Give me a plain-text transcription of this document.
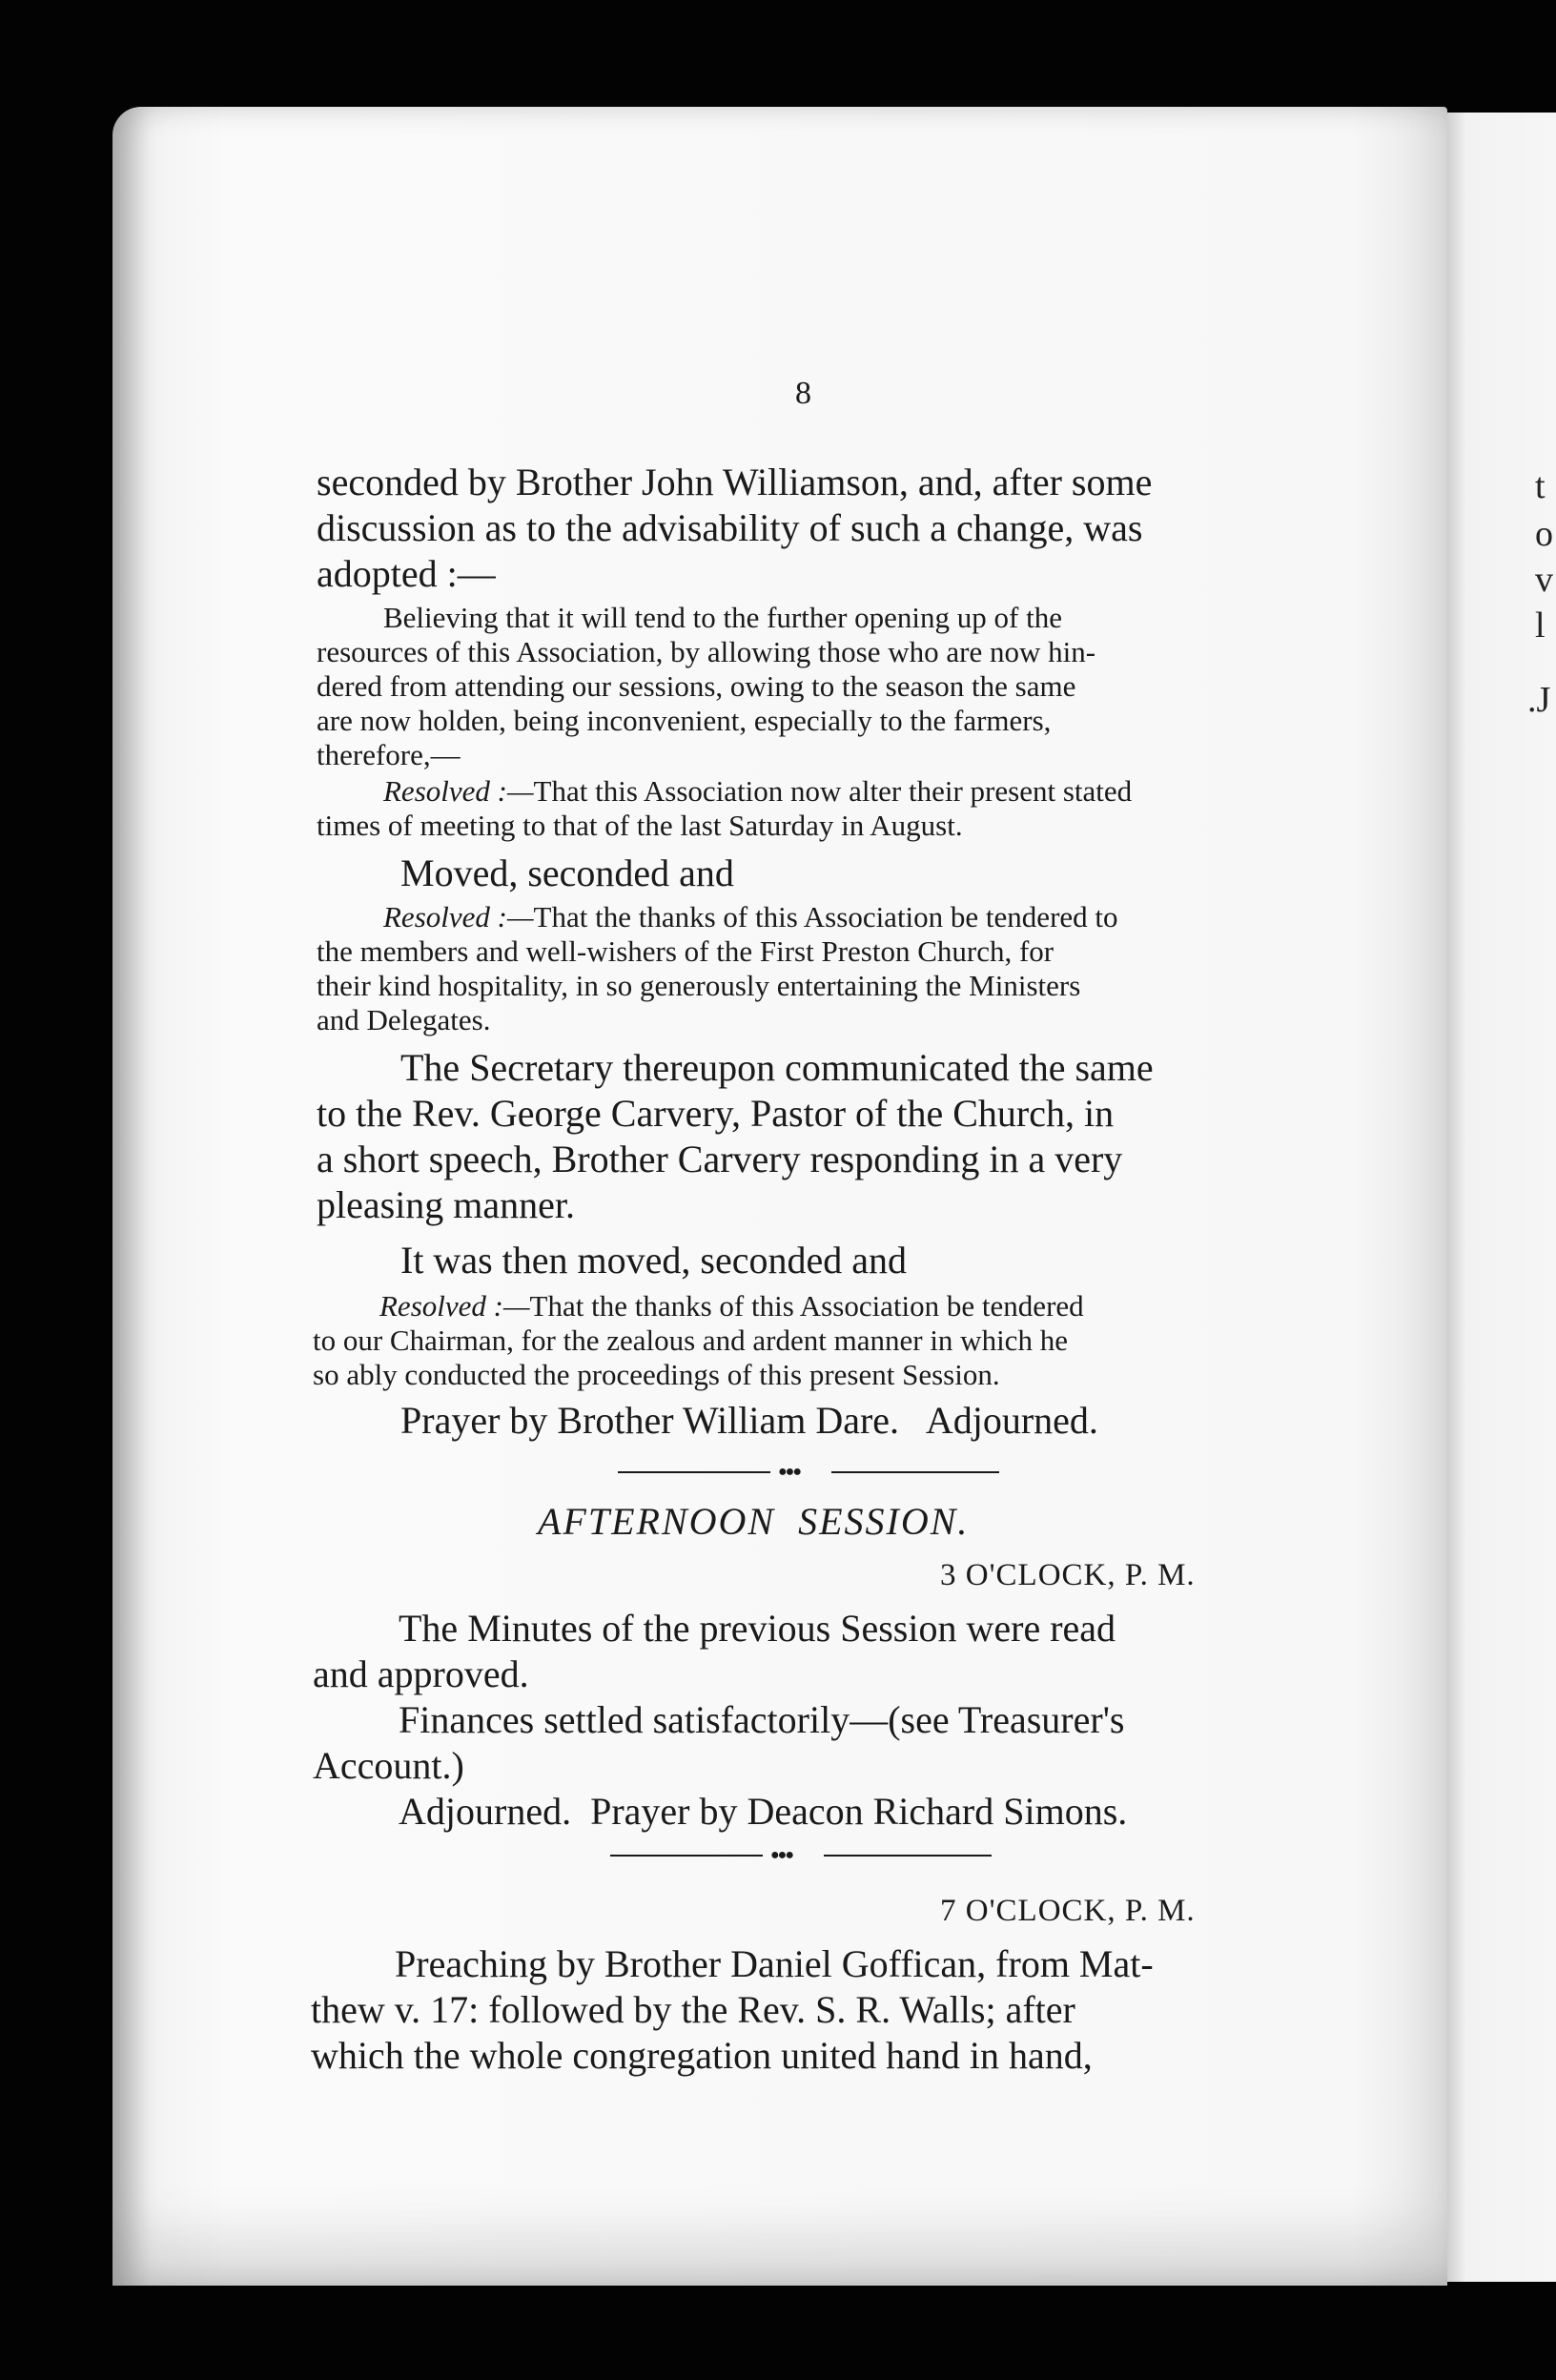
t
o
v
l
.J
8
seconded by Brother John Williamson, and, after some
discussion as to the advisability of such a change, was
adopted :—
Believing that it will tend to the further opening up of the
resources of this Association, by allowing those who are now hin-
dered from attending our sessions, owing to the season the same
are now holden, being inconvenient, especially to the farmers,
therefore,—
Resolved :—That this Association now alter their present stated
times of meeting to that of the last Saturday in August.
Moved, seconded and
Resolved :—That the thanks of this Association be tendered to
the members and well-wishers of the First Preston Church, for
their kind hospitality, in so generously entertaining the Ministers
and Delegates.
The Secretary thereupon communicated the same
to the Rev. George Carvery, Pastor of the Church, in
a short speech, Brother Carvery responding in a very
pleasing manner.
It was then moved, seconded and
Resolved :—That the thanks of this Association be tendered
to our Chairman, for the zealous and ardent manner in which he
so ably conducted the proceedings of this present Session.
Prayer by Brother William Dare.   Adjourned.
●●●
AFTERNOON  SESSION.
3 O'CLOCK, P. M.
The Minutes of the previous Session were read
and approved.
Finances settled satisfactorily—(see Treasurer's
Account.)
Adjourned.  Prayer by Deacon Richard Simons.
●●●
7 O'CLOCK, P. M.
Preaching by Brother Daniel Goffican, from Mat-
thew v. 17: followed by the Rev. S. R. Walls; after
which the whole congregation united hand in hand,
